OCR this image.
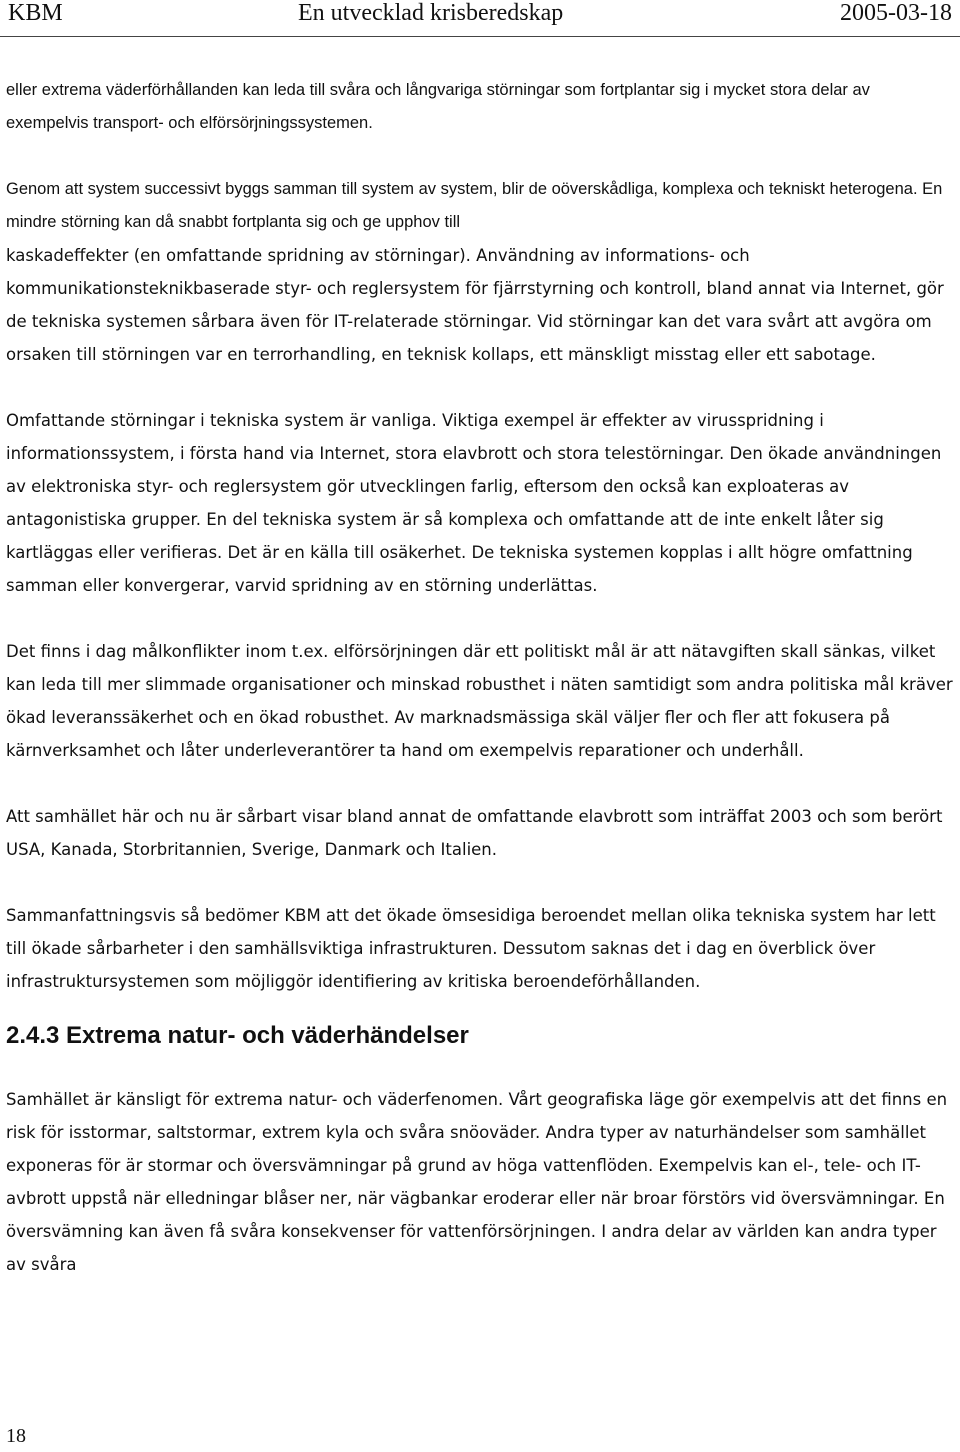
KBM	En utvecklad krisberedskap	2005-03-18

eller extrema väderförhållanden kan leda till svåra och långvariga störningar som fortplantar sig i mycket stora delar av exempelvis transport- och elförsörjningssystemen.

Genom att system successivt byggs samman till system av system, blir de oöverskådliga, komplexa och tekniskt heterogena. En mindre störning kan då snabbt fortplanta sig och ge upphov till

kaskadeffekter (en omfattande spridning av störningar). Användning av informations- och kommunikationsteknikbaserade styr- och reglersystem för fjärrstyrning och kontroll, bland annat via Internet, gör de tekniska systemen sårbara även för IT-relaterade störningar. Vid störningar kan det vara svårt att avgöra om orsaken till störningen var en terrorhandling, en teknisk kollaps, ett mänskligt misstag eller ett sabotage.

Omfattande störningar i tekniska system är vanliga. Viktiga exempel är effekter av virusspridning i informationssystem, i första hand via Internet, stora elavbrott och stora telestörningar. Den ökade användningen av elektroniska styr- och reglersystem gör utvecklingen farlig, eftersom den också kan exploateras av antagonistiska grupper. En del tekniska system är så komplexa och omfattande att de inte enkelt låter sig kartläggas eller verifieras. Det är en källa till osäkerhet. De tekniska systemen kopplas i allt högre omfattning samman eller konvergerar, varvid spridning av en störning underlättas.

Det finns i dag målkonflikter inom t.ex. elförsörjningen där ett politiskt mål är att nätavgiften skall sänkas, vilket kan leda till mer slimmade organisationer och minskad robusthet i näten samtidigt som andra politiska mål kräver ökad leveranssäkerhet och en ökad robusthet. Av marknadsmässiga skäl väljer fler och fler att fokusera på kärnverksamhet och låter underleverantörer ta hand om exempelvis reparationer och underhåll.

Att samhället här och nu är sårbart visar bland annat de omfattande elavbrott som inträffat 2003 och som berört USA, Kanada, Storbritannien, Sverige, Danmark och Italien.

Sammanfattningsvis så bedömer KBM att det ökade ömsesidiga beroendet mellan olika tekniska system har lett till ökade sårbarheter i den samhällsviktiga infrastrukturen. Dessutom saknas det i dag en överblick över infrastruktursystemen som möjliggör identifiering av kritiska beroendeförhållanden.

2.4.3 Extrema natur- och väderhändelser

Samhället är känsligt för extrema natur- och väderfenomen. Vårt geografiska läge gör exempelvis att det finns en risk för isstormar, saltstormar, extrem kyla och svåra snöoväder. Andra typer av naturhändelser som samhället exponeras för är stormar och översvämningar på grund av höga vattenflöden. Exempelvis kan el-, tele- och IT-avbrott uppstå när elledningar blåser ner, när vägbankar eroderar eller när broar förstörs vid översvämningar. En översvämning kan även få svåra konsekvenser för vattenförsörjningen. I andra delar av världen kan andra typer av svåra

18
